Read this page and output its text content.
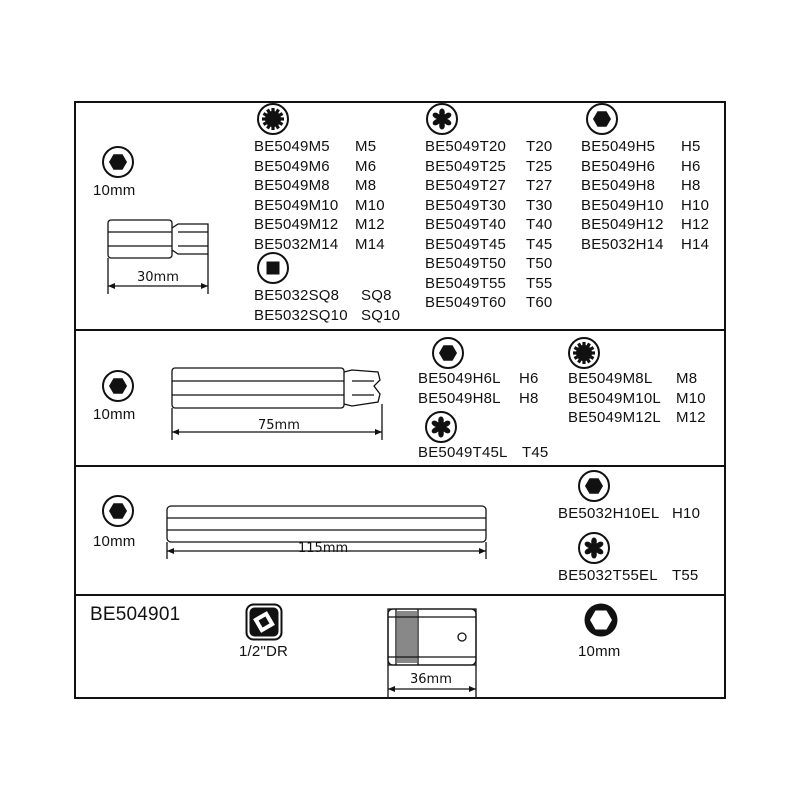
10mm
30mm
BE5049M5 M5
BE5049M6 M6
BE5049M8 M8
BE5049M10 M10
BE5049M12 M12
BE5032M14 M14
BE5032SQ8 SQ8
BE5032SQ10 SQ10
BE5049T20 T20
BE5049T25 T25
BE5049T27 T27
BE5049T30 T30
BE5049T40 T40
BE5049T45 T45
BE5049T50 T50
BE5049T55 T55
BE5049T60 T60
BE5049H5 H5
BE5049H6 H6
BE5049H8 H8
BE5049H10 H10
BE5049H12 H12
BE5032H14 H14
10mm
75mm
BE5049H6L H6
BE5049H8L H8
BE5049T45L T45
BE5049M8L M8
BE5049M10L M10
BE5049M12L M12
10mm	115mm
BE5032H10EL H10
BE5032T55EL T55
BE504901
1/2"DR
36mm
10mm
